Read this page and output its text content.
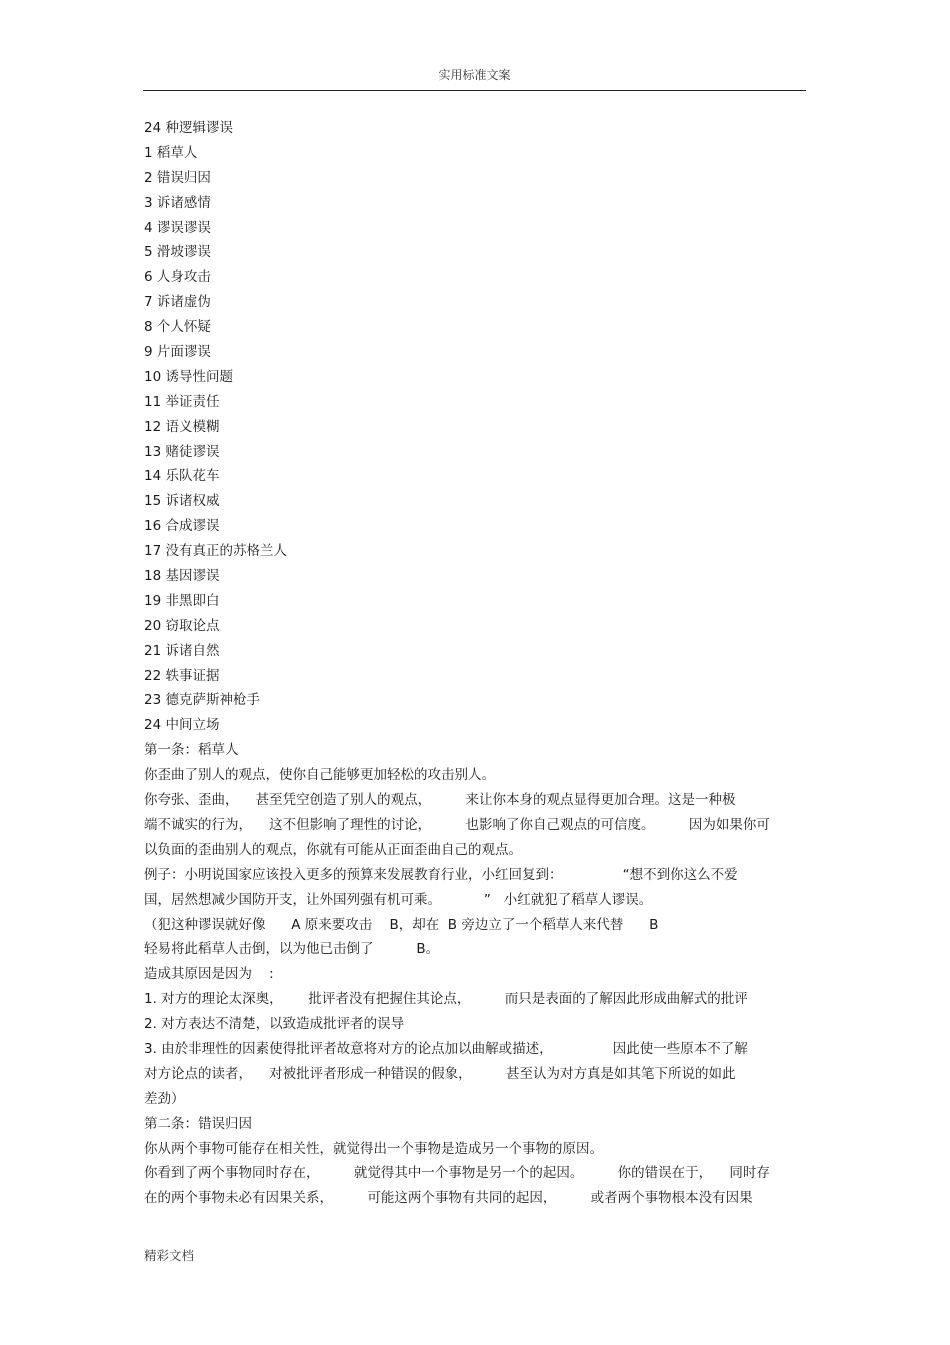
实用标准文案
24 种逻辑谬误
1 稻草人
2 错误归因
3 诉诸感情
4 谬误谬误
5 滑坡谬误
6 人身攻击
7 诉诸虚伪
8 个人怀疑
9 片面谬误
10 诱导性问题
11 举证责任
12 语义模糊
13 赌徒谬误
14 乐队花车
15 诉诸权威
16 合成谬误
17 没有真正的苏格兰人
18 基因谬误
19 非黑即白
20 窃取论点
21 诉诸自然
22 轶事证据
23 德克萨斯神枪手
24 中间立场
第一条：稻草人
你歪曲了别人的观点，使你自己能够更加轻松的攻击别人。
你夸张、歪曲，    甚至凭空创造了别人的观点，        来让你本身的观点显得更加合理。这是一种极
端不诚实的行为，    这不但影响了理性的讨论，        也影响了你自己观点的可信度。        因为如果你可
以负面的歪曲别人的观点，你就有可能从正面歪曲自己的观点。
例子：小明说国家应该投入更多的预算来发展教育行业，小红回复到：              “想不到你这么不爱
国，居然想减少国防开支，让外国列强有机可乘。          ”   小红就犯了稻草人谬误。
（犯这种谬误就好像      A 原来要攻击    B，却在  B 旁边立了一个稻草人来代替      B
轻易将此稻草人击倒，以为他已击倒了          B。
造成其原因是因为    :
1. 对方的理论太深奥，      批评者没有把握住其论点，        而只是表面的了解因此形成曲解式的批评
2. 对方表达不清楚，以致造成批评者的误导
3. 由於非理性的因素使得批评者故意将对方的论点加以曲解或描述，              因此使一些原本不了解
对方论点的读者，    对被批评者形成一种错误的假象，        甚至认为对方真是如其笔下所说的如此
差劲）
第二条：错误归因
你从两个事物可能存在相关性，就觉得出一个事物是造成另一个事物的原因。
你看到了两个事物同时存在，        就觉得其中一个事物是另一个的起因。        你的错误在于，    同时存
在的两个事物未必有因果关系，        可能这两个事物有共同的起因，        或者两个事物根本没有因果
精彩文档
